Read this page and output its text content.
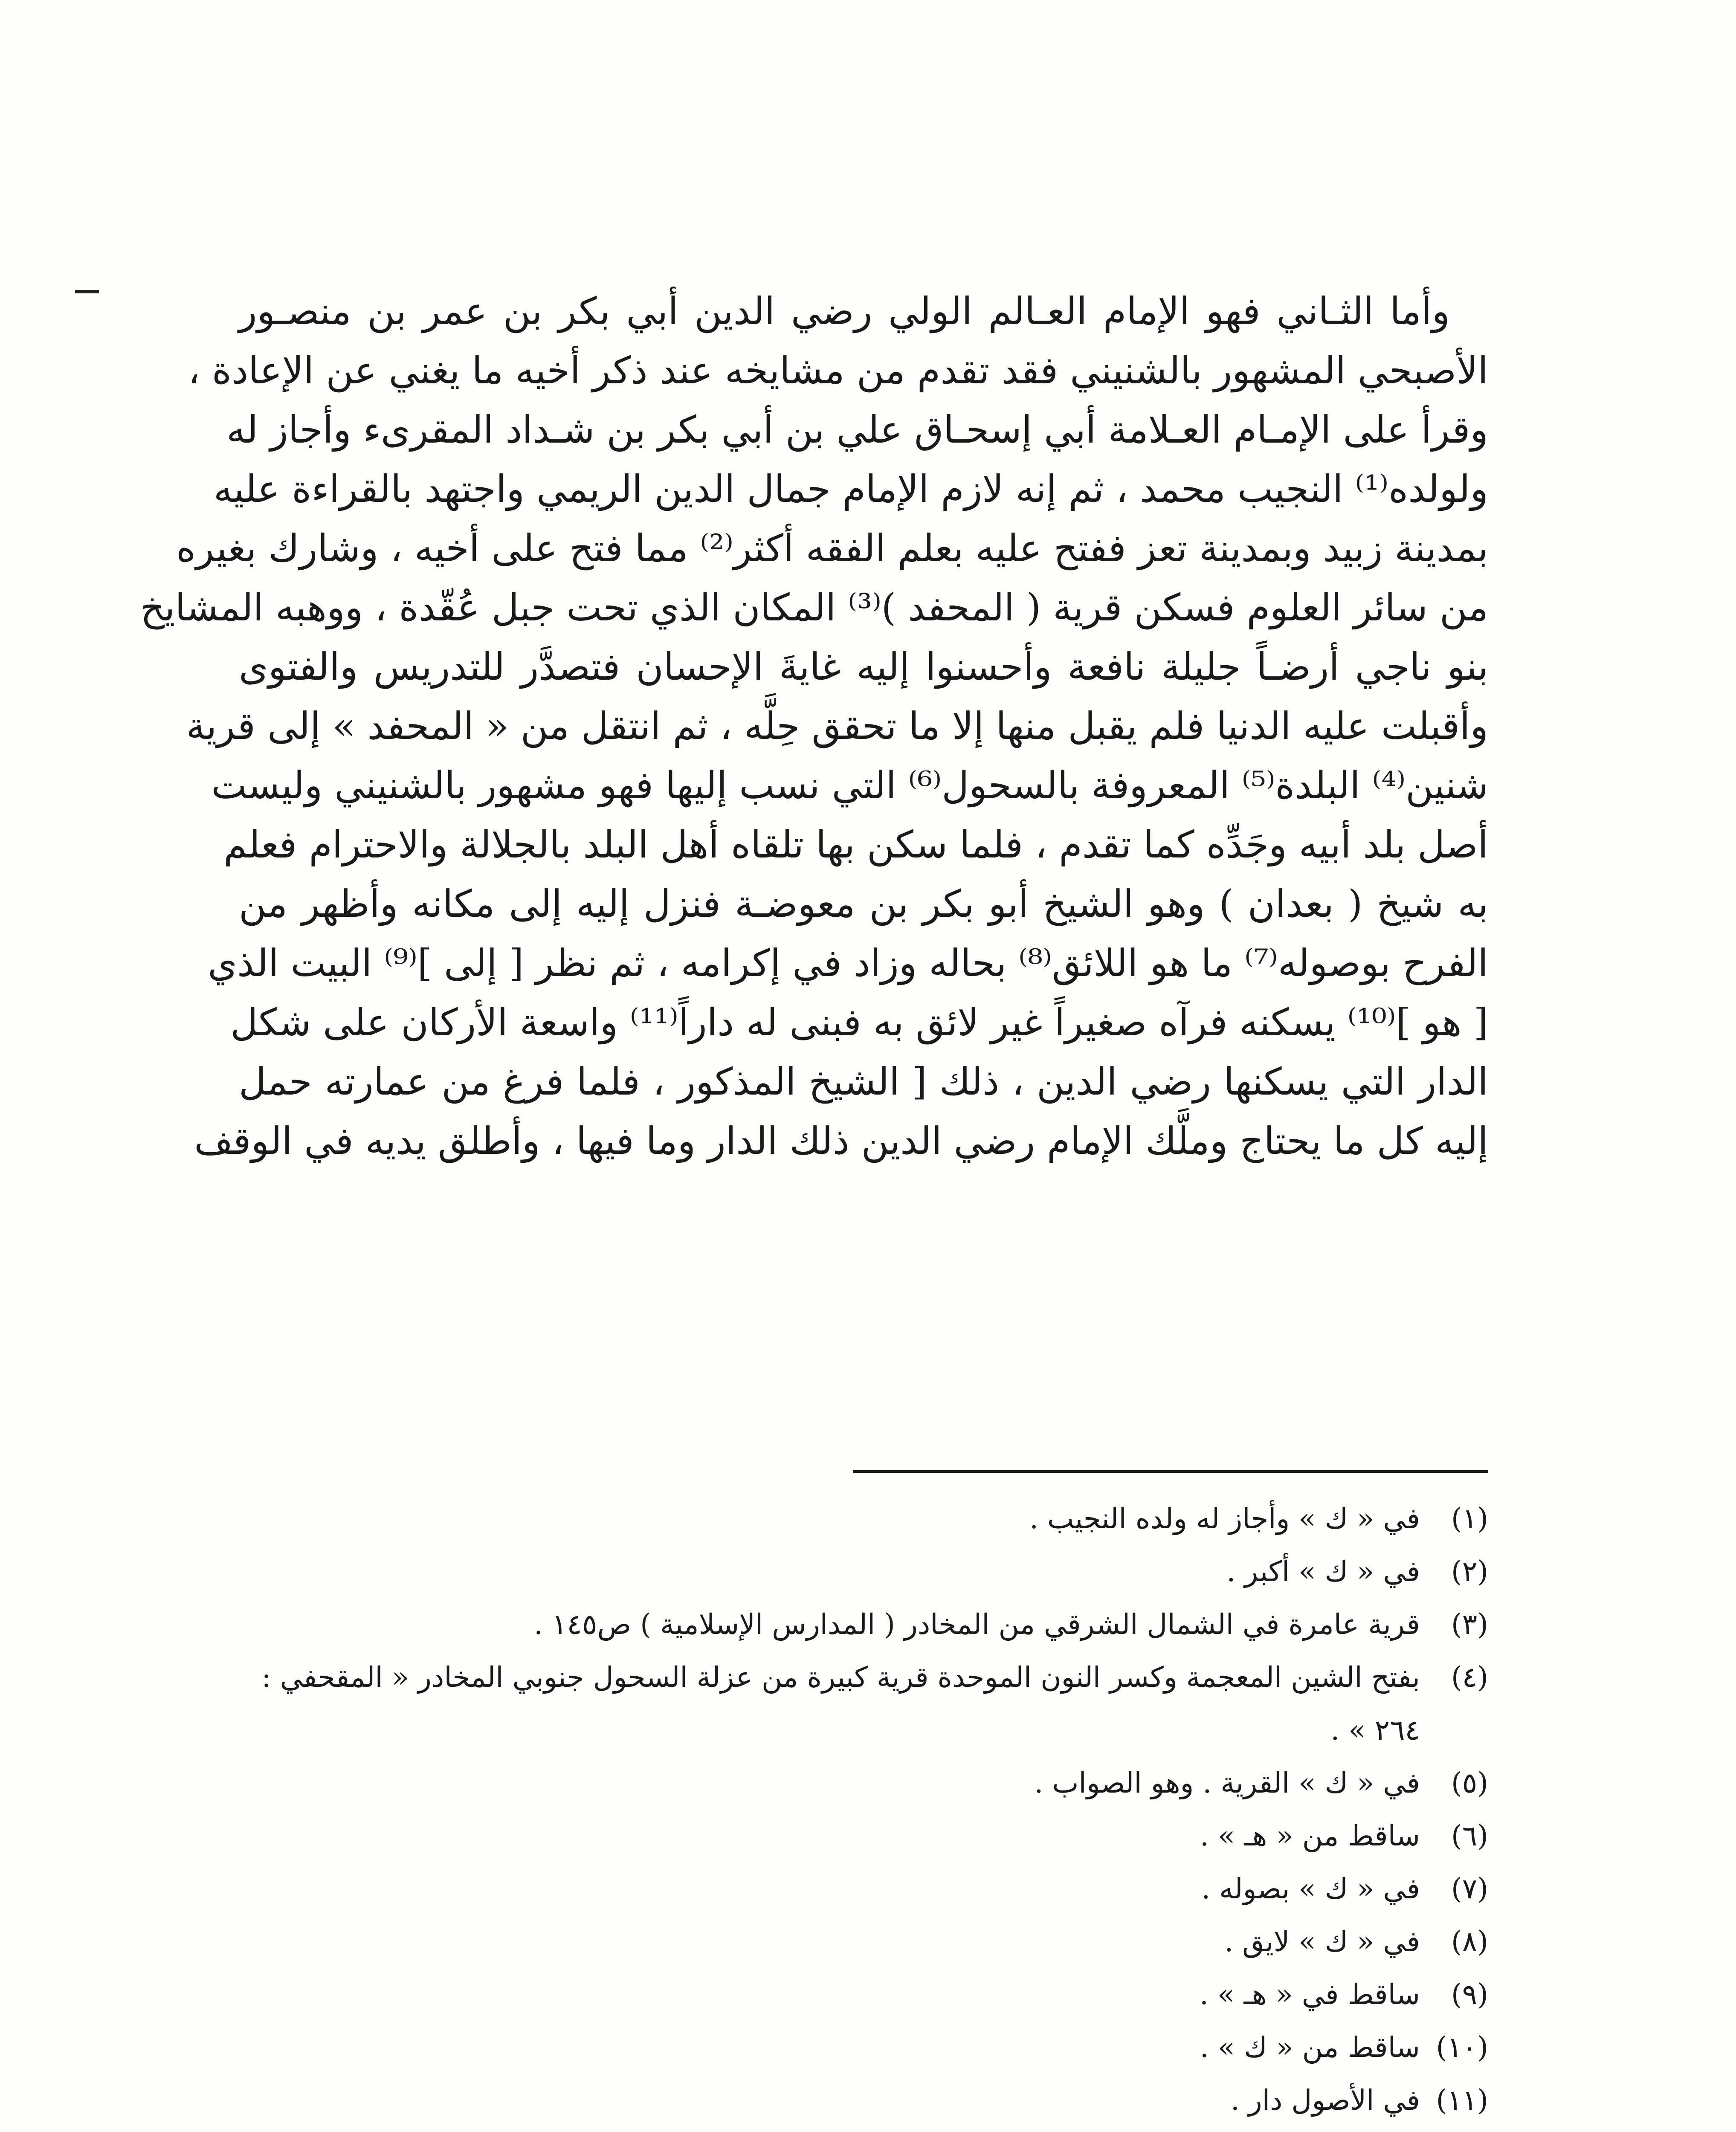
وأما الثـاني فهو الإمام العـالم الولي رضي الدين أبي بكر بن عمر بن منصـور
الأصبحي المشهور بالشنيني فقد تقدم من مشايخه عند ذكر أخيه ما يغني عن الإعادة ،
وقرأ على الإمـام العـلامة أبي إسحـاق علي بن أبي بكر بن شـداد المقرىء وأجاز له
ولولده⁽¹⁾ النجيب محمد ، ثم إنه لازم الإمام جمال الدين الريمي واجتهد بالقراءة عليه
بمدينة زبيد وبمدينة تعز ففتح عليه بعلم الفقه أكثر⁽²⁾ مما فتح على أخيه ، وشارك بغيره
من سائر العلوم فسكن قرية ( المحفد )⁽³⁾ المكان الذي تحت جبل عُقّدة ، ووهبه المشايخ
بنو ناجي أرضـاً جليلة نافعة وأحسنوا إليه غايةَ الإحسان فتصدَّر للتدريس والفتوى
وأقبلت عليه الدنيا فلم يقبل منها إلا ما تحقق حِلَّه ، ثم انتقل من « المحفد » إلى قرية
شنين⁽⁴⁾ البلدة⁽⁵⁾ المعروفة بالسحول⁽⁶⁾ التي نسب إليها فهو مشهور بالشنيني وليست
أصل بلد أبيه وجَدِّه كما تقدم ، فلما سكن بها تلقاه أهل البلد بالجلالة والاحترام فعلم
به شيخ ( بعدان ) وهو الشيخ أبو بكر بن معوضـة فنزل إليه إلى مكانه وأظهر من
الفرح بوصوله⁽⁷⁾ ما هو اللائق⁽⁸⁾ بحاله وزاد في إكرامه ، ثم نظر [ إلى ]⁽⁹⁾ البيت الذي
[ هو ]⁽¹⁰⁾ يسكنه فرآه صغيراً غير لائق به فبنى له داراً⁽¹¹⁾ واسعة الأركان على شكل
الدار التي يسكنها رضي الدين ، ذلك [ الشيخ المذكور ، فلما فرغ من عمارته حمل
إليه كل ما يحتاج وملَّك الإمام رضي الدين ذلك الدار وما فيها ، وأطلق يديه في الوقف
(١)
في « ك » وأجاز له ولده النجيب .
(٢)
في « ك » أكبر .
(٣)
قرية عامرة في الشمال الشرقي من المخادر ( المدارس الإسلامية ) ص١٤٥ .
(٤)
بفتح الشين المعجمة وكسر النون الموحدة قرية كبيرة من عزلة السحول جنوبي المخادر « المقحفي :
٢٦٤ » .
(٥)
في « ك » القرية . وهو الصواب .
(٦)
ساقط من « هـ » .
(٧)
في « ك » بصوله .
(٨)
في « ك » لايق .
(٩)
ساقط في « هـ » .
(١٠)
ساقط من « ك » .
(١١)
في الأصول دار .
